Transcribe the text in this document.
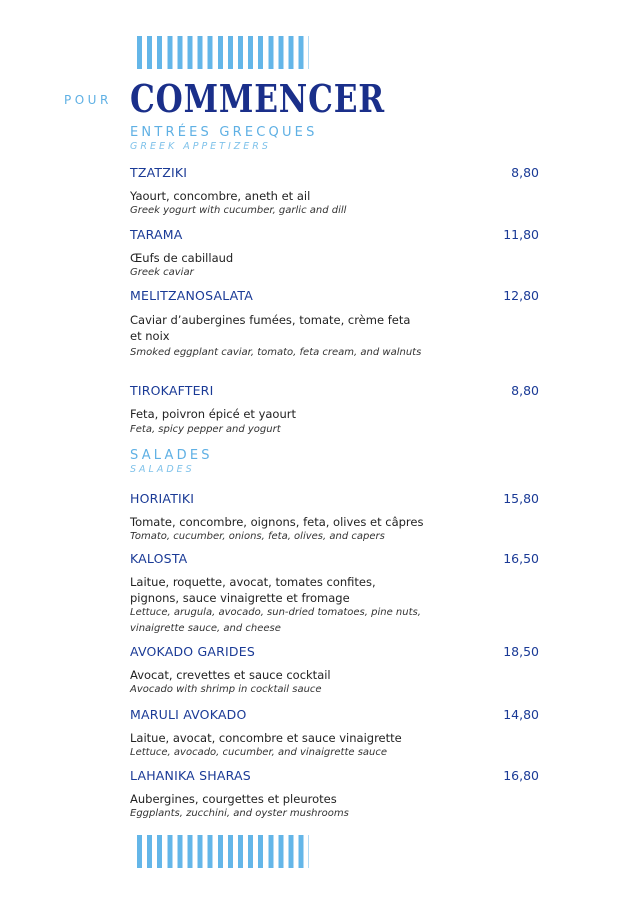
POUR COMMENCER
ENTRÉES GRECQUES
GREEK APPETIZERS
TZATZIKI	8,80
Yaourt, concombre, aneth et ail
Greek yogurt with cucumber, garlic and dill
TARAMA	11,80
Œufs de cabillaud
Greek caviar
MELITZANOSALATA	12,80
Caviar d’aubergines fumées, tomate, crème feta et noix
Smoked eggplant caviar, tomato, feta cream, and walnuts
TIROKAFTERI	8,80
Feta, poivron épicé et yaourt
Feta, spicy pepper and yogurt
SALADES
SALADES
HORIATIKI	15,80
Tomate, concombre, oignons, feta, olives et câpres
Tomato, cucumber, onions, feta, olives, and capers
KALOSTA	16,50
Laitue, roquette, avocat, tomates confites, pignons, sauce vinaigrette et fromage
Lettuce, arugula, avocado, sun-dried tomatoes, pine nuts, vinaigrette sauce, and cheese
AVOKADO GARIDES	18,50
Avocat, crevettes et sauce cocktail
Avocado with shrimp in cocktail sauce
MARULI AVOKADO	14,80
Laitue, avocat, concombre et sauce vinaigrette
Lettuce, avocado, cucumber, and vinaigrette sauce
LAHANIKA SHARAS	16,80
Aubergines, courgettes et pleurotes
Eggplants, zucchini, and oyster mushrooms
